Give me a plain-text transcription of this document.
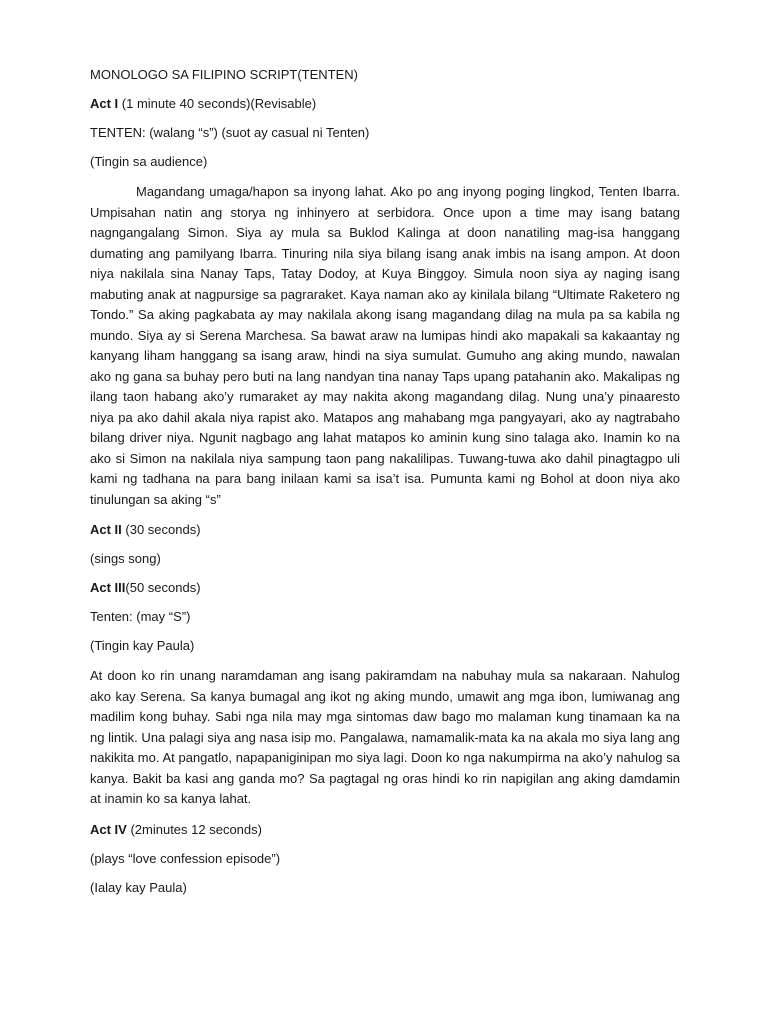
MONOLOGO SA FILIPINO SCRIPT(TENTEN)
Act I (1 minute 40 seconds)(Revisable)
TENTEN: (walang “s”) (suot ay casual ni Tenten)
(Tingin sa audience)

Magandang umaga/hapon sa inyong lahat. Ako po ang inyong poging lingkod, Tenten Ibarra. Umpisahan natin ang storya ng inhinyero at serbidora. Once upon a time may isang batang nagngangalang Simon. Siya ay mula sa Buklod Kalinga at doon nanatiling mag-isa hanggang dumating ang pamilyang Ibarra. Tinuring nila siya bilang isang anak imbis na isang ampon. At doon niya nakilala sina Nanay Taps, Tatay Dodoy, at Kuya Binggoy. Simula noon siya ay naging isang mabuting anak at nagpursige sa pagraraket. Kaya naman ako ay kinilala bilang “Ultimate Raketero ng Tondo.” Sa aking pagkabata ay may nakilala akong isang magandang dilag na mula pa sa kabila ng mundo. Siya ay si Serena Marchesa. Sa bawat araw na lumipas hindi ako mapakali sa kakaantay ng kanyang liham hanggang sa isang araw, hindi na siya sumulat. Gumuho ang aking mundo, nawalan ako ng gana sa buhay pero buti na lang nandyan tina nanay Taps upang patahanin ako. Makalipas ng ilang taon habang ako’y rumaraket ay may nakita akong magandang dilag. Nung una’y pinaaresto niya pa ako dahil akala niya rapist ako. Matapos ang mahabang mga pangyayari, ako ay nagtrabaho bilang driver niya. Ngunit nagbago ang lahat matapos ko aminin kung sino talaga ako. Inamin ko na ako si Simon na nakilala niya sampung taon pang nakalilipas. Tuwang-tuwa ako dahil pinagtagpo uli kami ng tadhana na para bang inilaan kami sa isa’t isa. Pumunta kami ng Bohol at doon niya ako tinulungan sa aking “s”

Act II (30 seconds)
(sings song)
Act III(50 seconds)
Tenten: (may “S”)
(Tingin kay Paula)

At doon ko rin unang naramdaman ang isang pakiramdam na nabuhay mula sa nakaraan. Nahulog ako kay Serena. Sa kanya bumagal ang ikot ng aking mundo, umawit ang mga ibon, lumiwanag ang madilim kong buhay. Sabi nga nila may mga sintomas daw bago mo malaman kung tinamaan ka na ng lintik. Una palagi siya ang nasa isip mo. Pangalawa, namamalik-mata ka na akala mo siya lang ang nakikita mo. At pangatlo, napapaniginipan mo siya lagi. Doon ko nga nakumpirma na ako’y nahulog sa kanya. Bakit ba kasi ang ganda mo? Sa pagtagal ng oras hindi ko rin napigilan ang aking damdamin at inamin ko sa kanya lahat.

Act IV (2minutes 12 seconds)
(plays “love confession episode”)
(Ialay kay Paula)
